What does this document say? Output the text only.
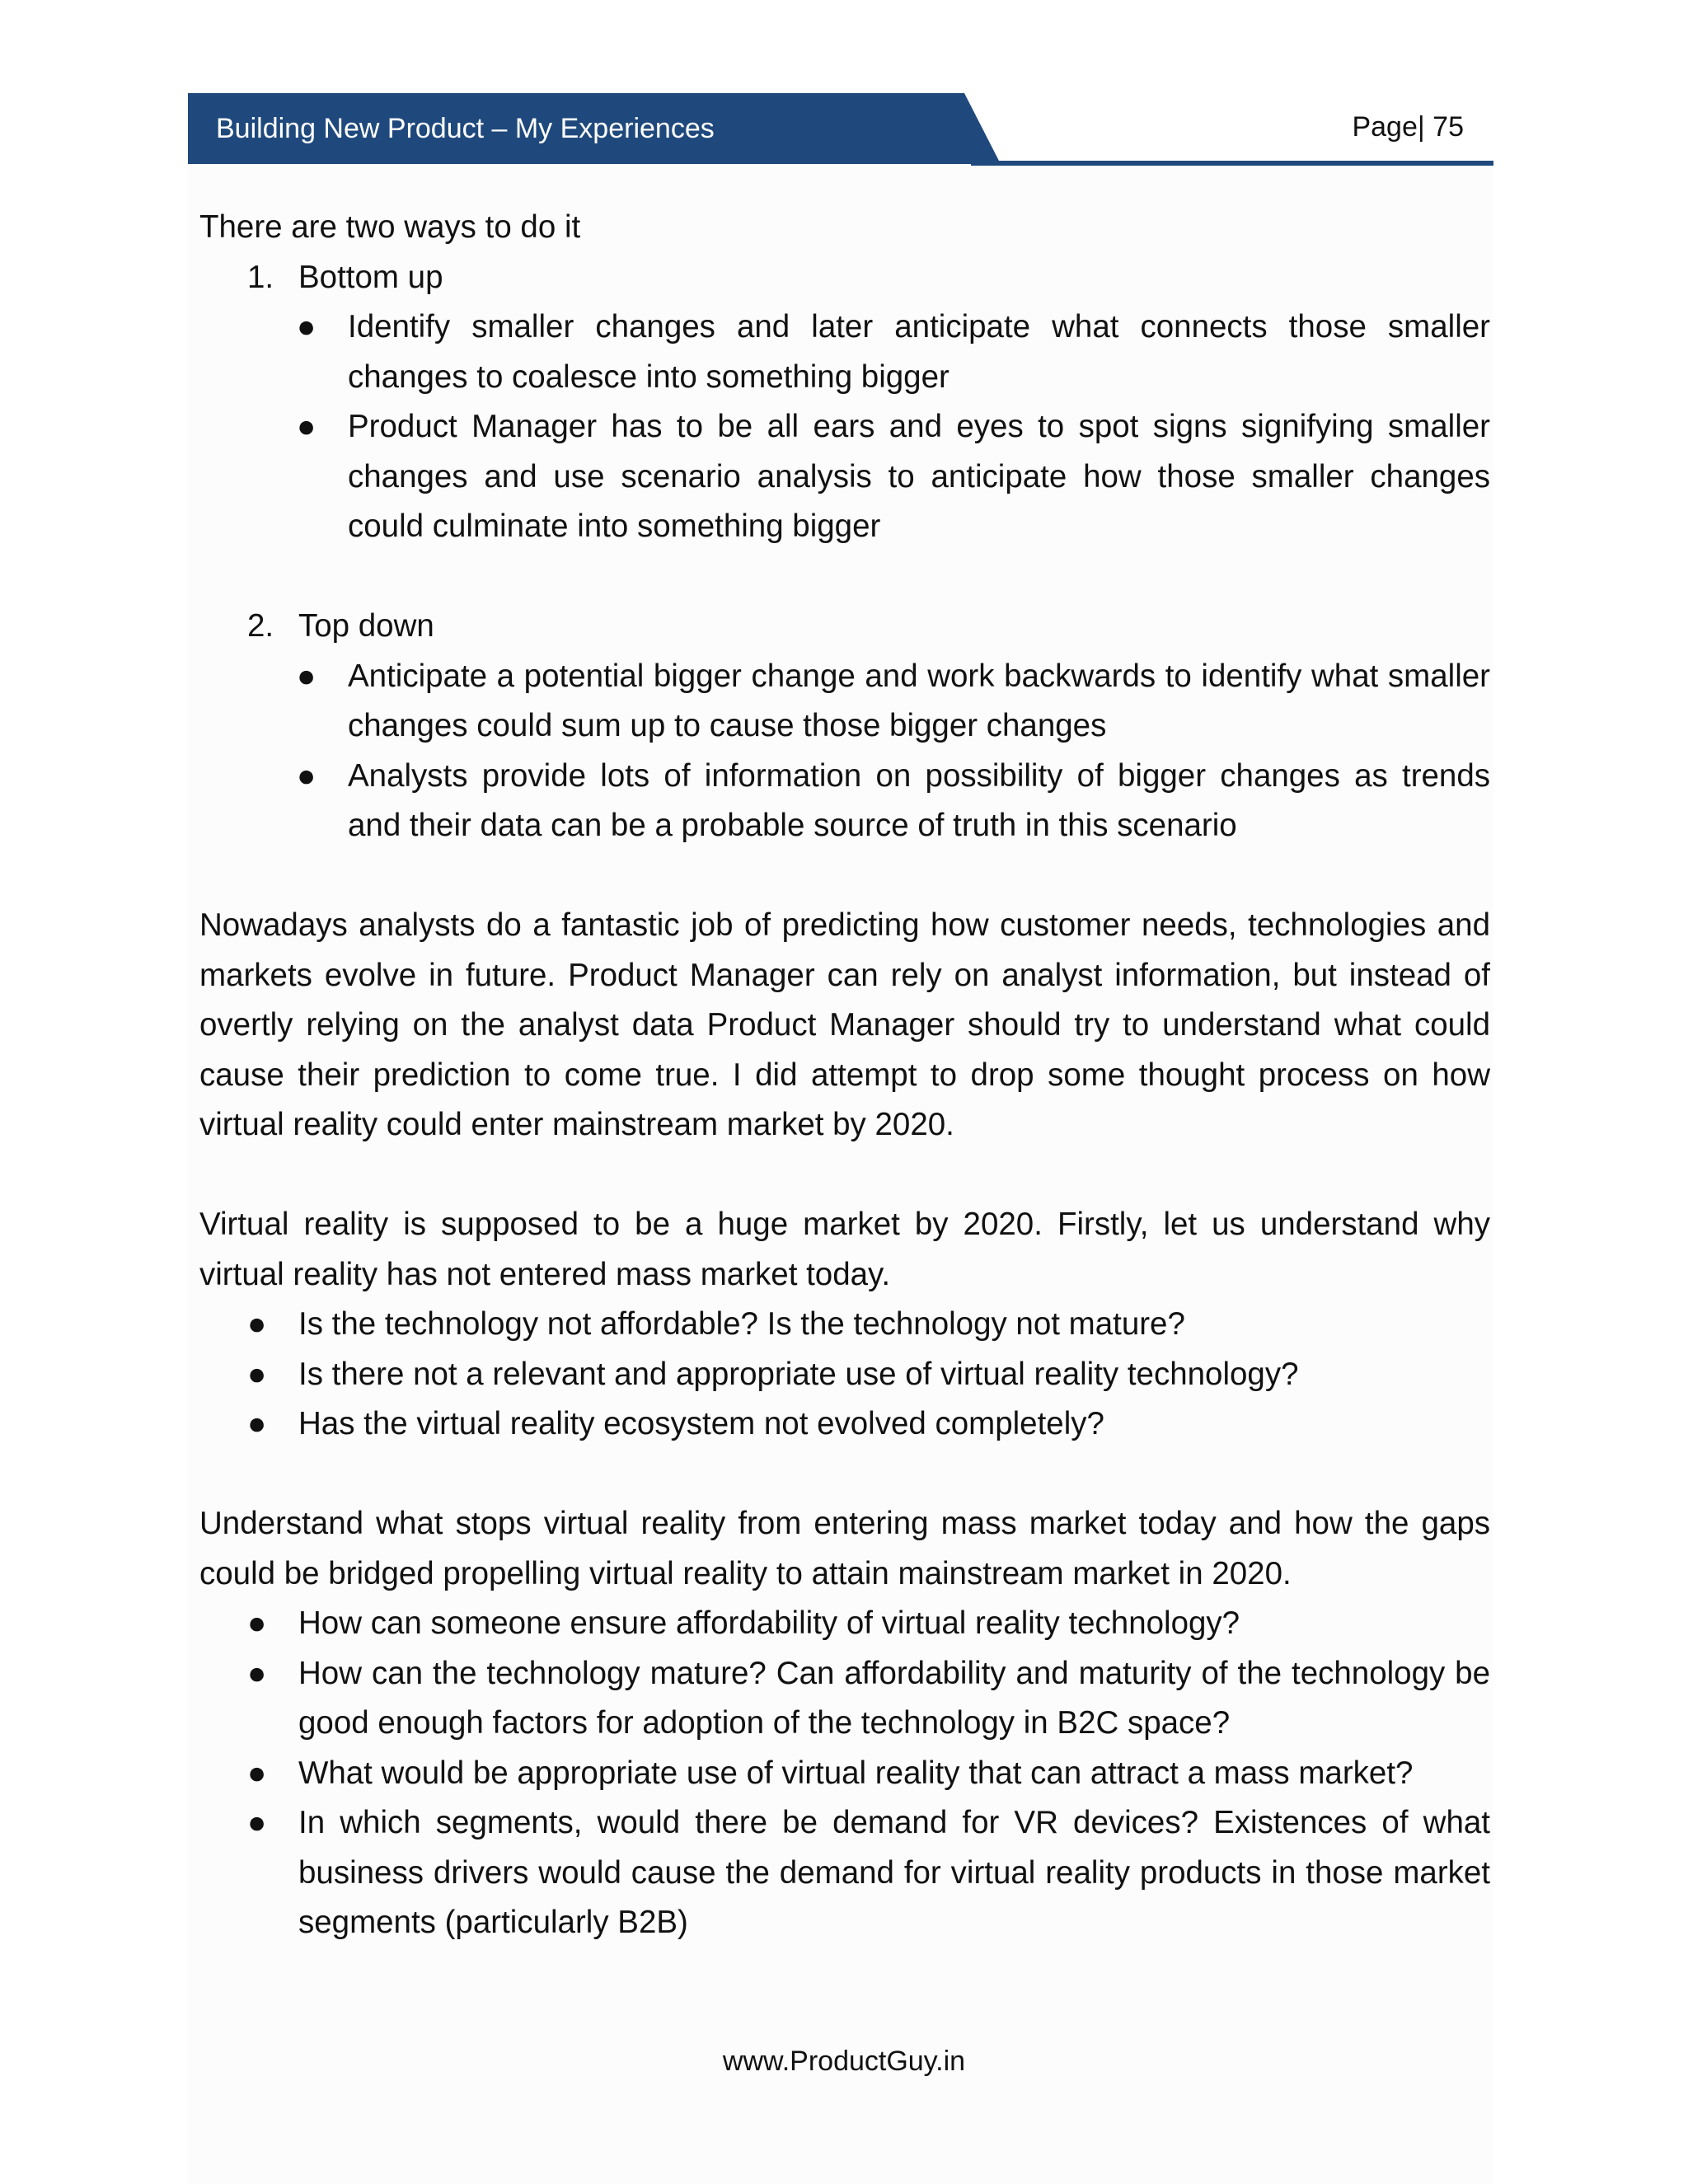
Building New Product – My Experiences	Page| 75

There are two ways to do it

1. Bottom up
● Identify smaller changes and later anticipate what connects those smaller changes to coalesce into something bigger
● Product Manager has to be all ears and eyes to spot signs signifying smaller changes and use scenario analysis to anticipate how those smaller changes could culminate into something bigger
2. Top down
● Anticipate a potential bigger change and work backwards to identify what smaller changes could sum up to cause those bigger changes
● Analysts provide lots of information on possibility of bigger changes as trends and their data can be a probable source of truth in this scenario

Nowadays analysts do a fantastic job of predicting how customer needs, technologies and markets evolve in future. Product Manager can rely on analyst information, but instead of overtly relying on the analyst data Product Manager should try to understand what could cause their prediction to come true. I did attempt to drop some thought process on how virtual reality could enter mainstream market by 2020.

Virtual reality is supposed to be a huge market by 2020. Firstly, let us understand why virtual reality has not entered mass market today.

● Is the technology not affordable? Is the technology not mature?
● Is there not a relevant and appropriate use of virtual reality technology?
● Has the virtual reality ecosystem not evolved completely?

Understand what stops virtual reality from entering mass market today and how the gaps could be bridged propelling virtual reality to attain mainstream market in 2020.

● How can someone ensure affordability of virtual reality technology?
● How can the technology mature? Can affordability and maturity of the technology be good enough factors for adoption of the technology in B2C space?
● What would be appropriate use of virtual reality that can attract a mass market?
● In which segments, would there be demand for VR devices? Existences of what business drivers would cause the demand for virtual reality products in those market segments (particularly B2B)
www.ProductGuy.in
